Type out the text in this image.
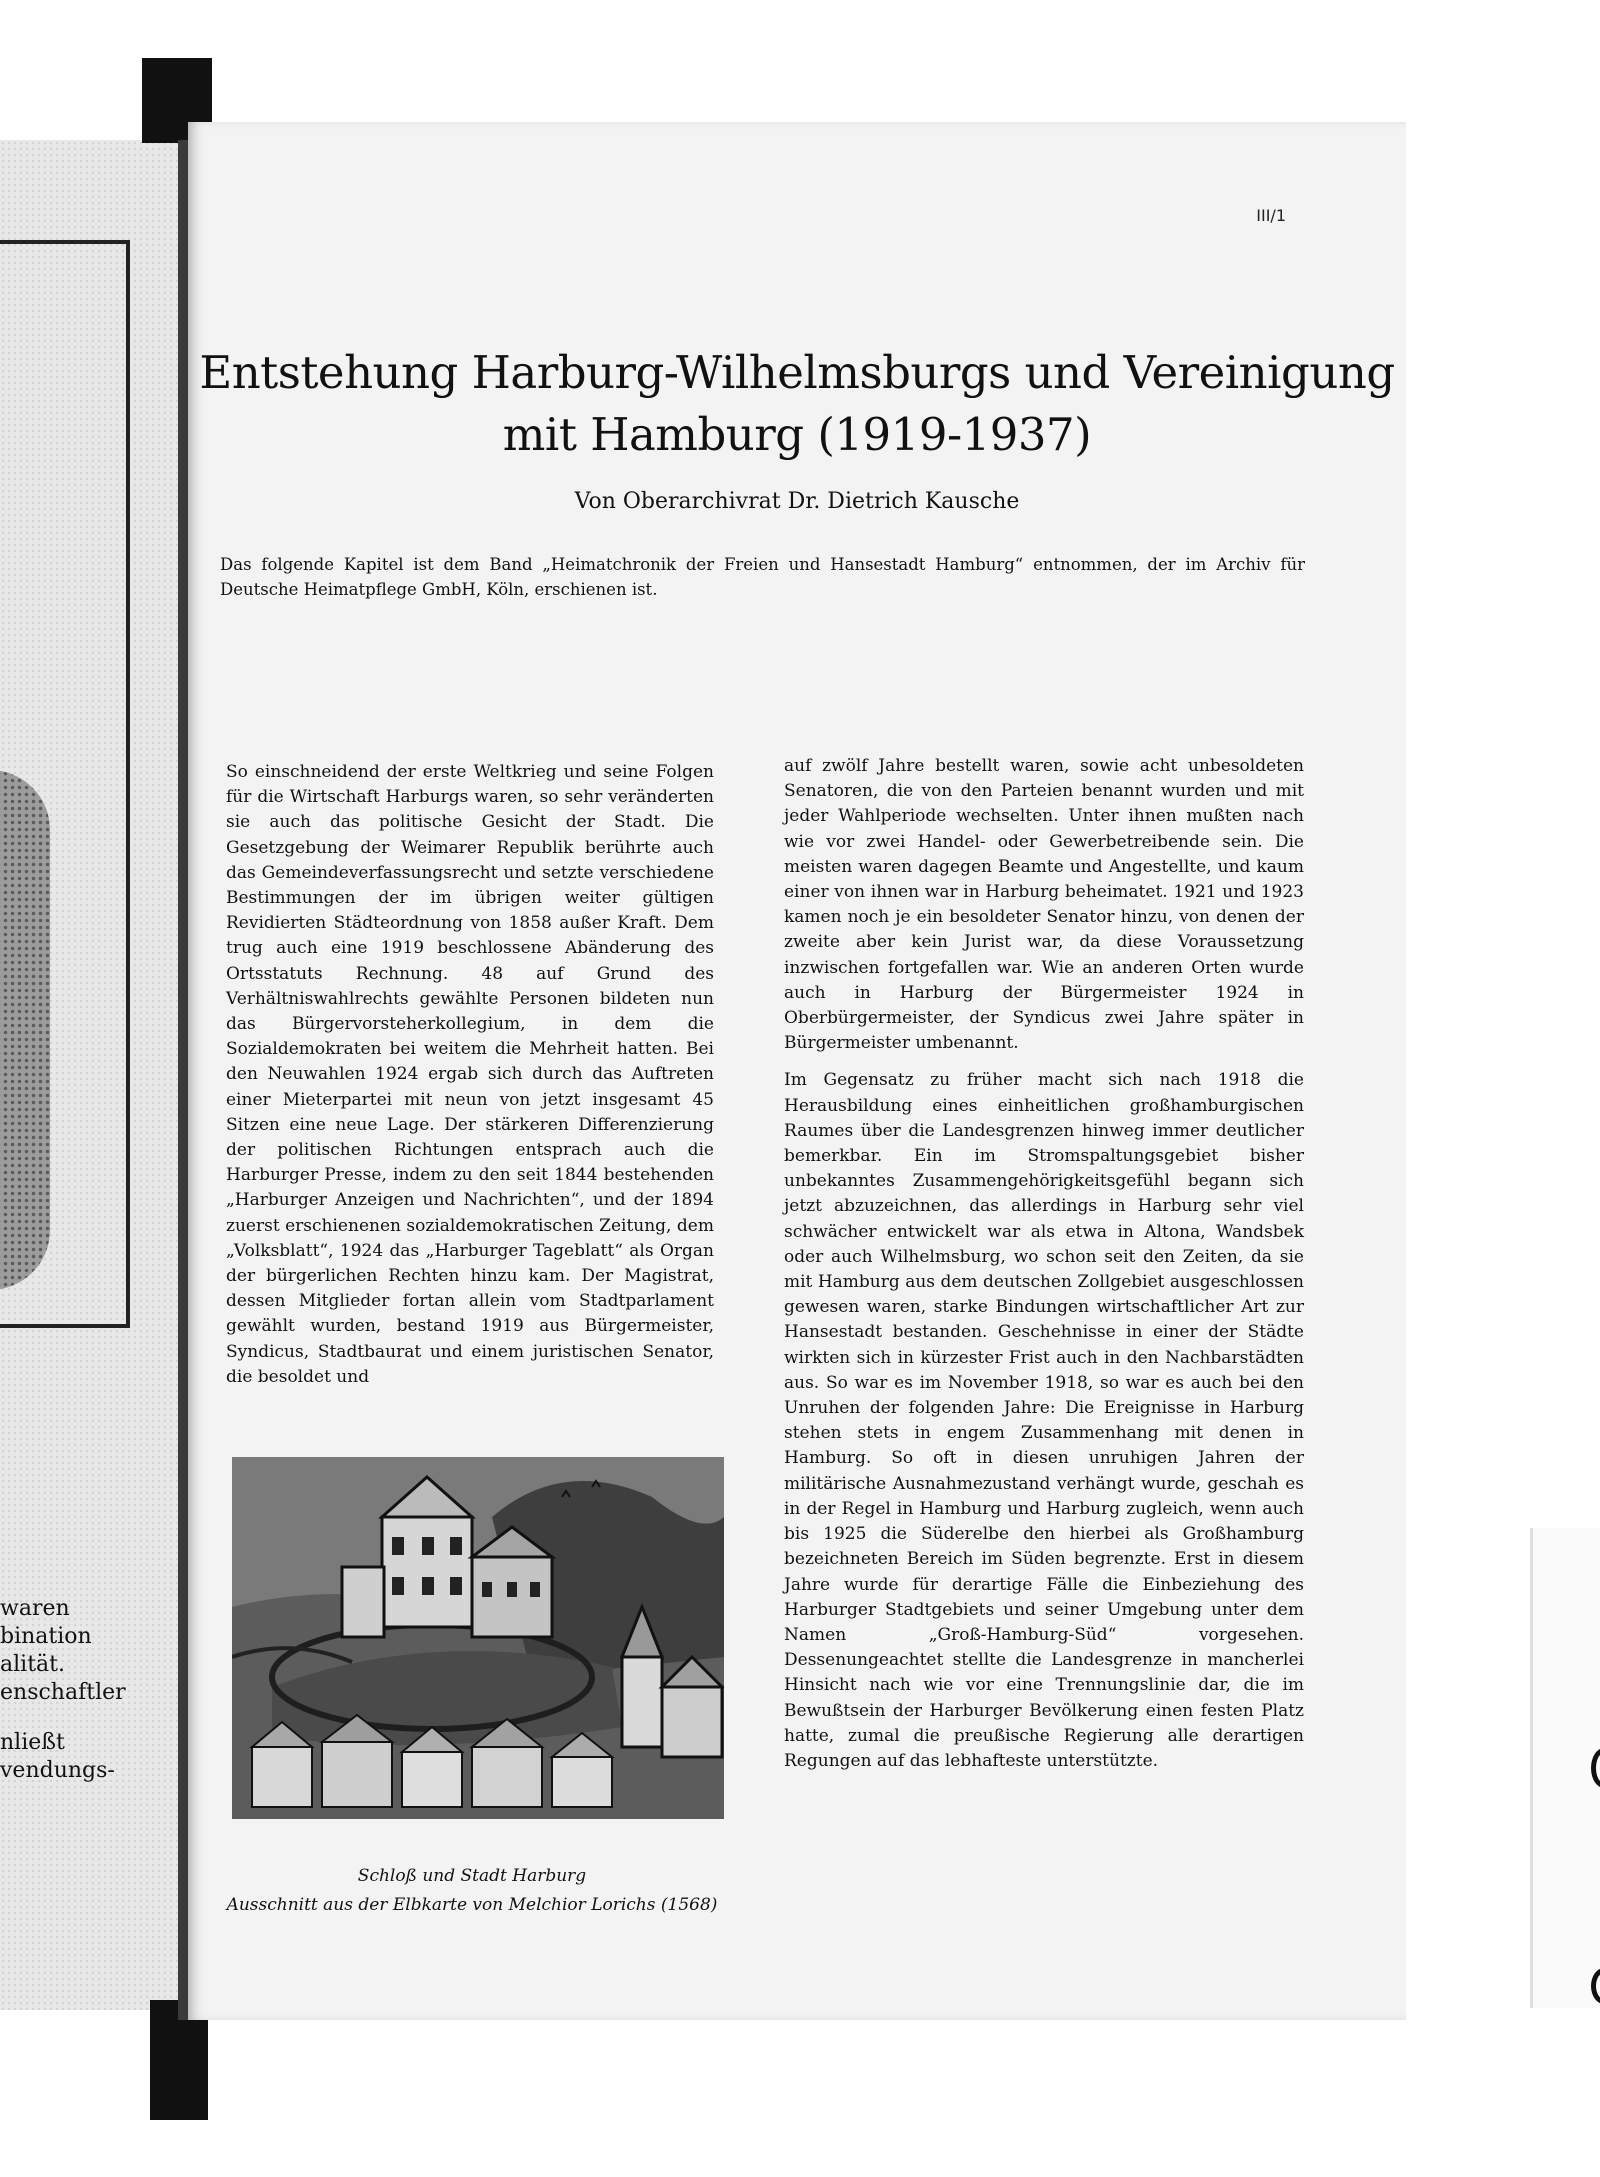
waren
bination
alität.
enschaftler
nließt
vendungs-
III/1
Entstehung Harburg-Wilhelmsburgs und Vereinigung
mit Hamburg (1919-1937)
Von Oberarchivrat Dr. Dietrich Kausche
Das folgende Kapitel ist dem Band „Heimatchronik der Freien und Hansestadt Hamburg“ entnommen, der im Archiv für Deutsche Heimatpflege GmbH, Köln, erschienen ist.

So einschneidend der erste Weltkrieg und seine Folgen für die Wirtschaft Harburgs waren, so sehr veränderten sie auch das politische Gesicht der Stadt. Die Gesetzgebung der Weimarer Republik berührte auch das Gemeindeverfassungsrecht und setzte verschiedene Bestimmungen der im übrigen weiter gültigen Revidierten Städteordnung von 1858 außer Kraft. Dem trug auch eine 1919 beschlossene Abänderung des Ortsstatuts Rechnung. 48 auf Grund des Verhältniswahlrechts gewählte Personen bildeten nun das Bürgervorsteherkollegium, in dem die Sozialdemokraten bei weitem die Mehrheit hatten. Bei den Neuwahlen 1924 ergab sich durch das Auftreten einer Mieterpartei mit neun von jetzt insgesamt 45 Sitzen eine neue Lage. Der stärkeren Differenzierung der politischen Richtungen entsprach auch die Harburger Presse, indem zu den seit 1844 bestehenden „Harburger Anzeigen und Nachrichten“, und der 1894 zuerst erschienenen sozialdemokratischen Zeitung, dem „Volksblatt“, 1924 das „Harburger Tageblatt“ als Organ der bürgerlichen Rechten hinzu kam. Der Magistrat, dessen Mitglieder fortan allein vom Stadtparlament gewählt wurden, bestand 1919 aus Bürgermeister, Syndicus, Stadtbaurat und einem juristischen Senator, die besoldet und

auf zwölf Jahre bestellt waren, sowie acht unbesoldeten Senatoren, die von den Parteien benannt wurden und mit jeder Wahlperiode wechselten. Unter ihnen mußten nach wie vor zwei Handel- oder Gewerbetreibende sein. Die meisten waren dagegen Beamte und Angestellte, und kaum einer von ihnen war in Harburg beheimatet. 1921 und 1923 kamen noch je ein besoldeter Senator hinzu, von denen der zweite aber kein Jurist war, da diese Voraussetzung inzwischen fortgefallen war. Wie an anderen Orten wurde auch in Harburg der Bürgermeister 1924 in Oberbürgermeister, der Syndicus zwei Jahre später in Bürgermeister umbenannt.

Im Gegensatz zu früher macht sich nach 1918 die Herausbildung eines einheitlichen großhamburgischen Raumes über die Landesgrenzen hinweg immer deutlicher bemerkbar. Ein im Stromspaltungsgebiet bisher unbekanntes Zusammengehörigkeitsgefühl begann sich jetzt abzuzeichnen, das allerdings in Harburg sehr viel schwächer entwickelt war als etwa in Altona, Wandsbek oder auch Wilhelmsburg, wo schon seit den Zeiten, da sie mit Hamburg aus dem deutschen Zollgebiet ausgeschlossen gewesen waren, starke Bindungen wirtschaftlicher Art zur Hansestadt bestanden. Geschehnisse in einer der Städte wirkten sich in kürzester Frist auch in den Nachbarstädten aus. So war es im November 1918, so war es auch bei den Unruhen der folgenden Jahre: Die Ereignisse in Harburg stehen stets in engem Zusammenhang mit denen in Hamburg. So oft in diesen unruhigen Jahren der militärische Ausnahmezustand verhängt wurde, geschah es in der Regel in Hamburg und Harburg zugleich, wenn auch bis 1925 die Süderelbe den hierbei als Großhamburg bezeichneten Bereich im Süden begrenzte. Erst in diesem Jahre wurde für derartige Fälle die Einbeziehung des Harburger Stadtgebiets und seiner Umgebung unter dem Namen „Groß-Hamburg-Süd“ vorgesehen. Dessenungeachtet stellte die Landesgrenze in mancherlei Hinsicht nach wie vor eine Trennungslinie dar, die im Bewußtsein der Harburger Bevölkerung einen festen Platz hatte, zumal die preußische Regierung alle derartigen Regungen auf das lebhafteste unterstützte.

Schloß und Stadt Harburg
Ausschnitt aus der Elbkarte von Melchior Lorichs (1568)
